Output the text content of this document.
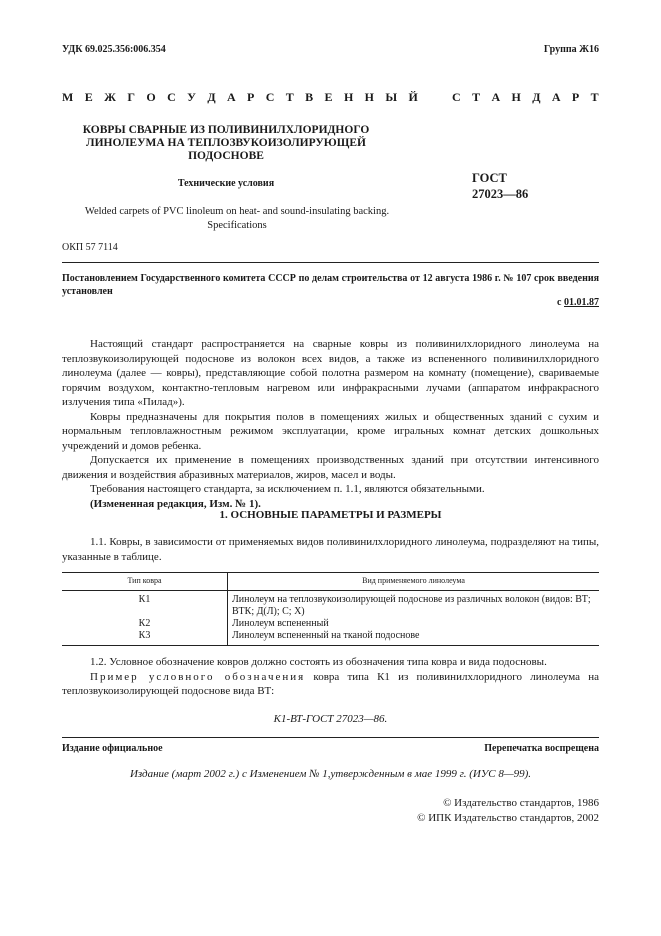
УДК 69.025.356:006.354	Группа Ж16
М Е Ж Г О С У Д А Р С Т В Е Н Н Ы Й	С Т А Н Д А Р Т
КОВРЫ СВАРНЫЕ ИЗ ПОЛИВИНИЛХЛОРИДНОГО
ЛИНОЛЕУМА НА ТЕПЛОЗВУКОИЗОЛИРУЮЩЕЙ
ПОДОСНОВЕ
ГОСТ
27023—86
Технические условия
Welded carpets of PVC linoleum on heat- and sound-insulating backing.
Specifications
ОКП 57 7114
Постановлением Государственного комитета СССР по делам строительства от 12 августа 1986 г. № 107 срок введения установлен
с 01.01.87

Настоящий стандарт распространяется на сварные ковры из поливинилхлоридного линолеума на теплозвукоизолирующей подоснове из волокон всех видов, а также из вспененного поливинилхлоридного линолеума (далее — ковры), представляющие собой полотна размером на комнату (помещение), свариваемые горячим воздухом, контактно-тепловым нагревом или инфракрасными лучами (аппаратом инфракрасного излучения типа «Пилад»).

Ковры предназначены для покрытия полов в помещениях жилых и общественных зданий с сухим и нормальным тепловлажностным режимом эксплуатации, кроме игральных комнат детских дошкольных учреждений и домов ребенка.

Допускается их применение в помещениях производственных зданий при отсутствии интенсивного движения и воздействия абразивных материалов, жиров, масел и воды.

Требования настоящего стандарта, за исключением п. 1.1, являются обязательными.

(Измененная редакция, Изм. № 1).

1. ОСНОВНЫЕ ПАРАМЕТРЫ И РАЗМЕРЫ

1.1. Ковры, в зависимости от применяемых видов поливинилхлоридного линолеума, подразделяют на типы, указанные в таблице.

Тип ковра	Вид применяемого линолеума
К1	Линолеум на теплозвукоизолирующей подоснове из различных волокон (видов: ВТ; ВТК; Д(Л); С; Х)
К2	Линолеум вспененный
К3	Линолеум вспененный на тканой подоснове

1.2. Условное обозначение ковров должно состоять из обозначения типа ковра и вида подосновы.

Пример условного обозначения ковра типа К1 из поливинилхлоридного линолеума на теплозвукоизолирующей подоснове вида ВТ:

К1-ВТ-ГОСТ 27023—86.
Издание официальное	Перепечатка воспрещена
Издание (март 2002 г.) с Изменением № 1,утвержденным в мае 1999 г. (ИУС 8—99).
© Издательство стандартов, 1986
© ИПК Издательство стандартов, 2002
